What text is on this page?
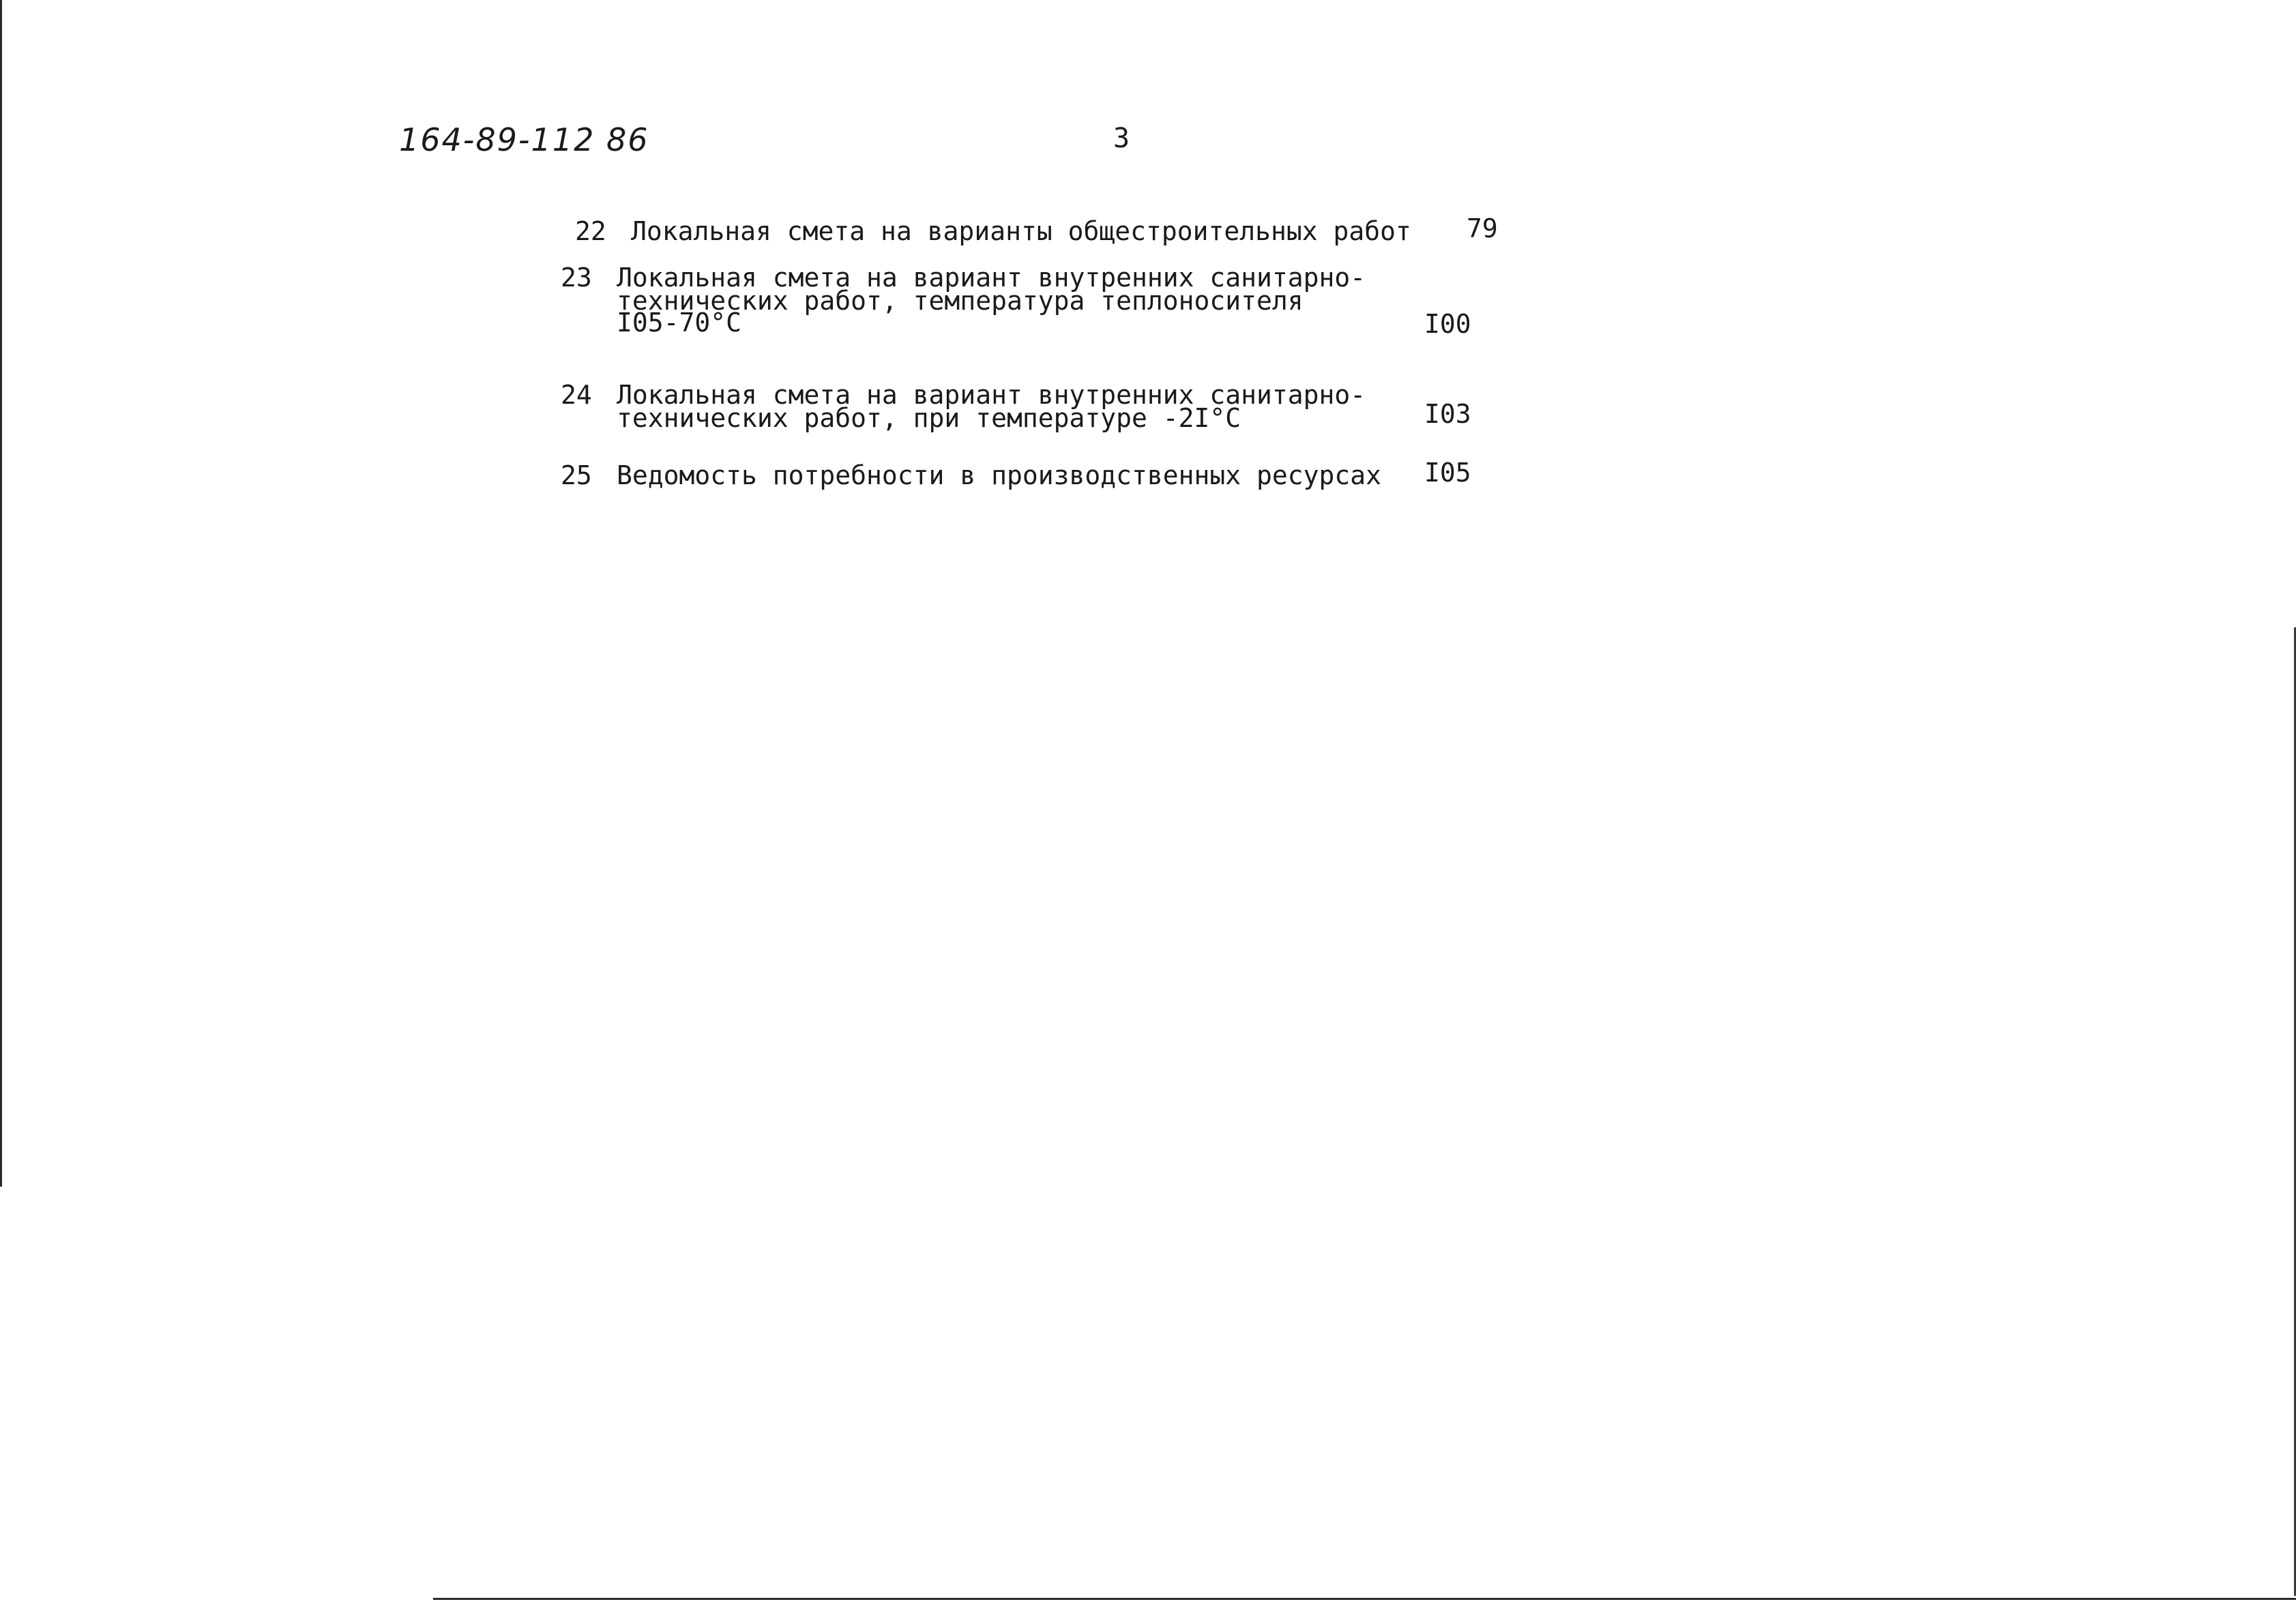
164-89-112 86	3
22 Локальная смета на варианты общестроительных работ 79
23 Локальная смета на вариант внутренних санитарно-
технических работ, температура теплоносителя
I05-70°С	I00
24 Локальная смета на вариант внутренних санитарно-
технических работ, при температуре -2I°С	I03
25 Ведомость потребности в производственных ресурсах I05
